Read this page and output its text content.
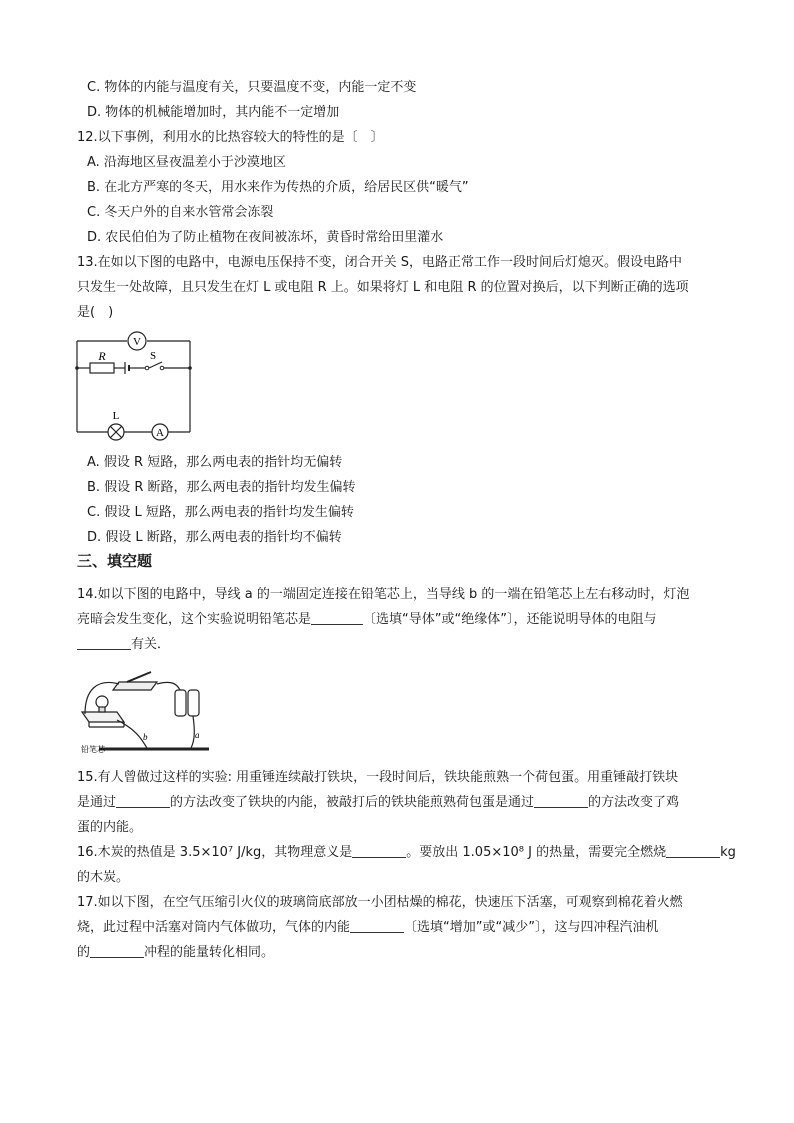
C. 物体的内能与温度有关，只要温度不变，内能一定不变
D. 物体的机械能增加时，其内能不一定增加
12.以下事例，利用水的比热容较大的特性的是〔　〕
A. 沿海地区昼夜温差小于沙漠地区
B. 在北方严寒的冬天，用水来作为传热的介质，给居民区供“暖气”
C. 冬天户外的自来水管常会冻裂
D. 农民伯伯为了防止植物在夜间被冻坏，黄昏时常给田里灌水
13.在如以下图的电路中，电源电压保持不变，闭合开关 S，电路正常工作一段时间后灯熄灭。假设电路中
只发生一处故障，且只发生在灯 L 或电阻 R 上。如果将灯 L 和电阻 R 的位置对换后，以下判断正确的选项
是(　)
V
R	S
L
A
A. 假设 R 短路，那么两电表的指针均无偏转
B. 假设 R 断路，那么两电表的指针均发生偏转
C. 假设 L 短路，那么两电表的指针均发生偏转
D. 假设 L 断路，那么两电表的指针均不偏转
三、填空题
14.如以下图的电路中，导线 a 的一端固定连接在铅笔芯上，当导线 b 的一端在铅笔芯上左右移动时，灯泡
亮暗会发生变化，这个实验说明铅笔芯是	〔选填“导体”或“绝缘体”〕，还能说明导体的电阻与
有关．
铅笔芯
b	a
15.有人曾做过这样的实验: 用重锤连续敲打铁块，一段时间后，铁块能煎熟一个荷包蛋。用重锤敲打铁块
是通过	的方法改变了铁块的内能，被敲打后的铁块能煎熟荷包蛋是通过	的方法改变了鸡
蛋的内能。
16.木炭的热值是 3.5×10⁷ J/kg，其物理意义是	。要放出 1.05×10⁸ J 的热量，需要完全燃烧	kg
的木炭。
17.如以下图，在空气压缩引火仪的玻璃筒底部放一小团枯燥的棉花，快速压下活塞，可观察到棉花着火燃
烧，此过程中活塞对筒内气体做功，气体的内能	〔选填“增加”或“减少”〕，这与四冲程汽油机
的	冲程的能量转化相同。
